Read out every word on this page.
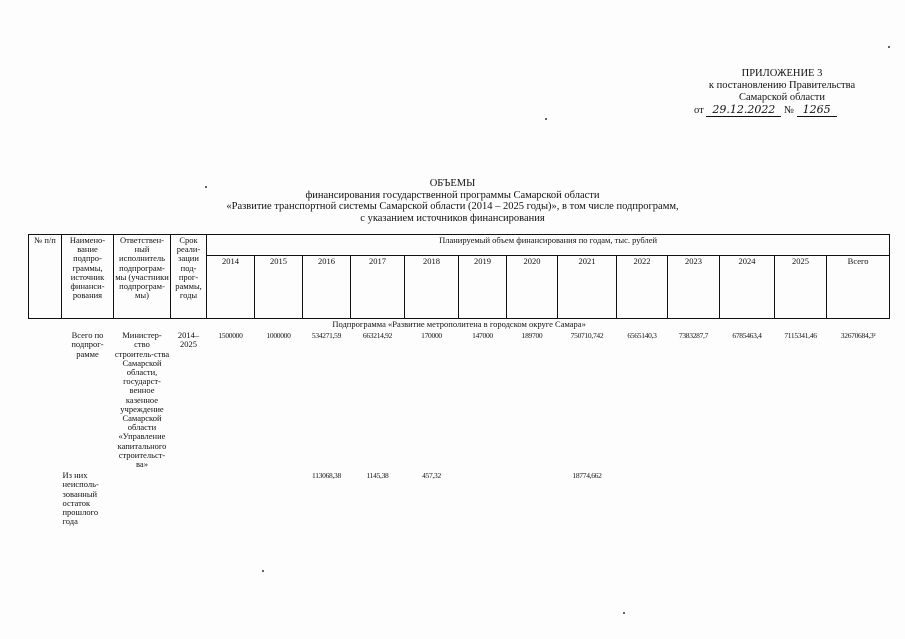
ПРИЛОЖЕНИЕ 3
к постановлению Правительства
Самарской области
от 29.12.2022 № 1265
ОБЪЕМЫ
финансирования государственной программы Самарской области
«Развитие транспортной системы Самарской области (2014 – 2025 годы)», в том числе подпрограмм,
с указанием источников финансирования
№ п/п	Наимено-вание подпро-граммы, источник финанси-рования	Ответствен-ный исполнитель подпрограм-мы (участники подпрограм-мы)	Срок реали-зации под-прог-раммы, годы	Планируемый объем финансирования по годам, тыс. рублей												
				2014	2015	2016	2017	2018	2019	2020	2021	2022	2023	2024	2025	Всего
Подпрограмма «Развитие метрополитена в городском округе Самара»																
	Всего по подпрог-рамме	Министер-ство строитель-ства Самарской области, государст-венное казенное учреждение Самарской области «Управление капитального строительст-ва»	2014–2025	1500000	1000000	534271,59	663214,92	170000	147000	189700	750710,742	6565140,3	7383287,7	6785463,4	7115341,46	32670684,3²
	Из них неисполь-зованный остаток прошлого года					113068,38	1145,38	457,32			18774,662					
